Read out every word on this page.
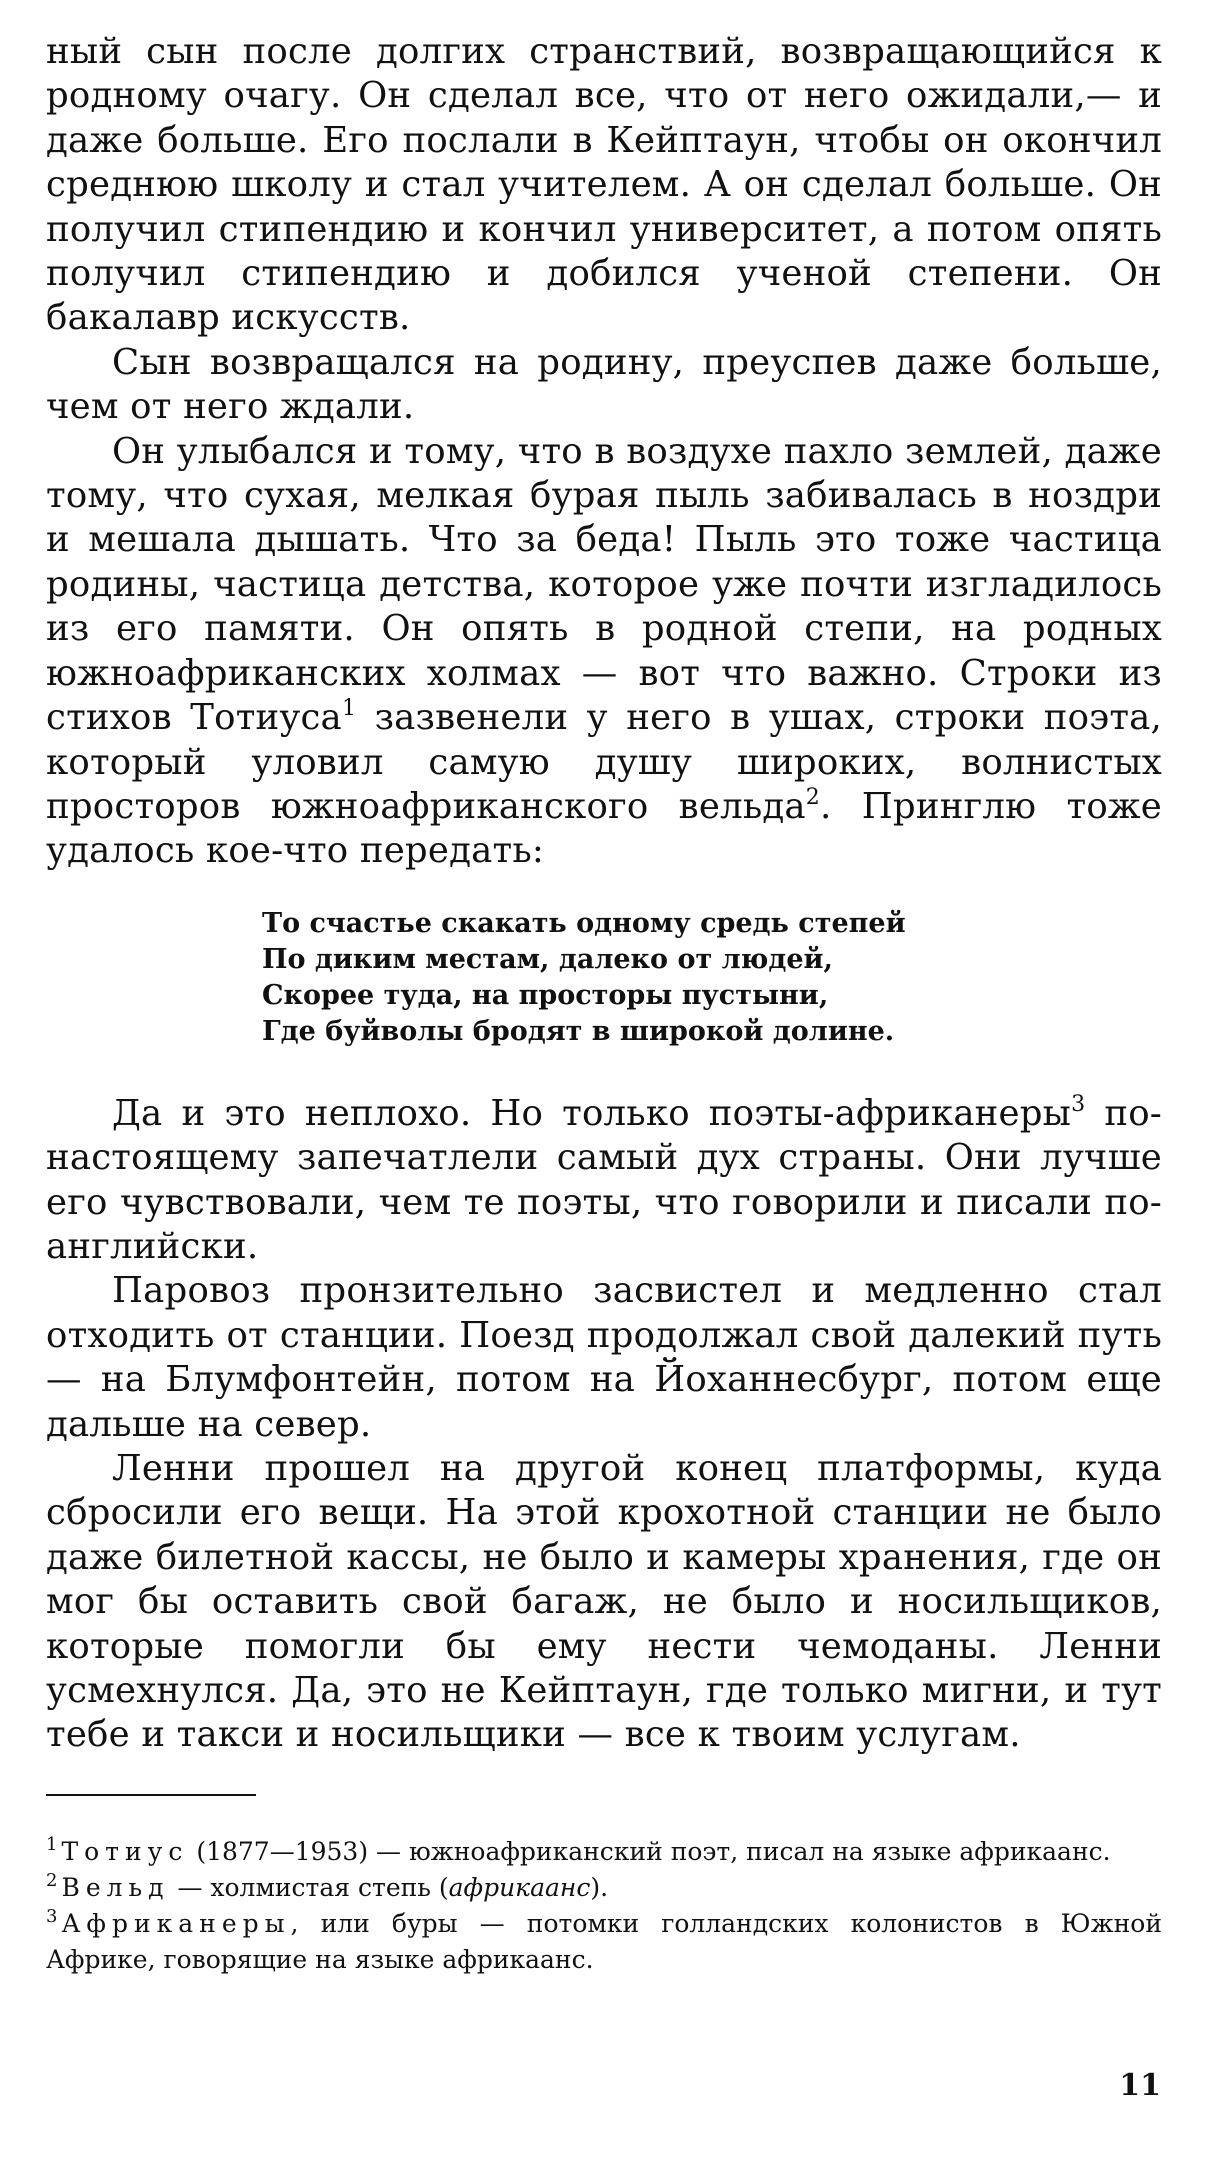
ный сын после долгих странствий, возвращающийся к родному очагу. Он сделал все, что от него ожидали,— и даже больше. Его послали в Кейптаун, чтобы он окончил среднюю школу и стал учителем. А он сделал больше. Он получил стипендию и кончил университет, а потом опять получил стипендию и добился ученой степени. Он бакалавр искусств.

Сын возвращался на родину, преуспев даже больше, чем от него ждали.

Он улыбался и тому, что в воздухе пахло землей, даже тому, что сухая, мелкая бурая пыль забивалась в ноздри и мешала дышать. Что за беда! Пыль это тоже частица родины, частица детства, которое уже почти изгладилось из его памяти. Он опять в родной степи, на родных южноафриканских холмах — вот что важно. Строки из стихов Тотиуса$^1$ зазвенели у него в ушах, строки поэта, который уловил самую душу широких, волнистых просторов южноафриканского вельда$^2$. Принглю тоже удалось кое-что передать:

То счастье скакать одному средь степей
По диким местам, далеко от людей,
Скорее туда, на просторы пустыни,
Где буйволы бродят в широкой долине.

Да и это неплохо. Но только поэты-африканеры$^3$ по-настоящему запечатлели самый дух страны. Они лучше его чувствовали, чем те поэты, что говорили и писали по-английски.

Паровоз пронзительно засвистел и медленно стал отходить от станции. Поезд продолжал свой далекий путь — на Блумфонтейн, потом на Йоханнесбург, потом еще дальше на север.

Ленни прошел на другой конец платформы, куда сбросили его вещи. На этой крохотной станции не было даже билетной кассы, не было и камеры хранения, где он мог бы оставить свой багаж, не было и носильщиков, которые помогли бы ему нести чемоданы. Ленни усмехнулся. Да, это не Кейптаун, где только мигни, и тут тебе и такси и носильщики — все к твоим услугам.

$^1$ Тотиус (1877—1953) — южноафриканский поэт, писал на языке африкаанс.

$^2$ Вельд — холмистая степь (африкаанс).

$^3$ Африканеры, или буры — потомки голландских колонистов в Южной Африке, говорящие на языке африкаанс.

11
